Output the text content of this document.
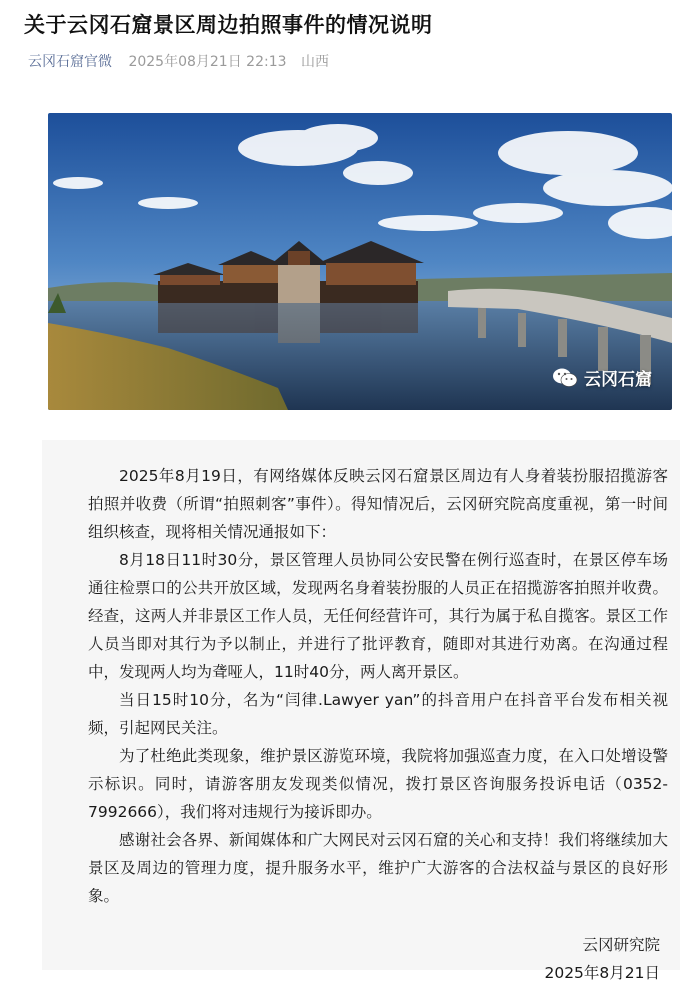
关于云冈石窟景区周边拍照事件的情况说明
云冈石窟官微 2025年08月21日 22:13 山西
云冈石窟

2025年8月19日，有网络媒体反映云冈石窟景区周边有人身着装扮服招揽游客拍照并收费（所谓“拍照刺客”事件）。得知情况后，云冈研究院高度重视，第一时间组织核查，现将相关情况通报如下：

8月18日11时30分，景区管理人员协同公安民警在例行巡查时，在景区停车场通往检票口的公共开放区域，发现两名身着装扮服的人员正在招揽游客拍照并收费。经查，这两人并非景区工作人员，无任何经营许可，其行为属于私自揽客。景区工作人员当即对其行为予以制止，并进行了批评教育，随即对其进行劝离。在沟通过程中，发现两人均为聋哑人，11时40分，两人离开景区。

当日15时10分，名为“闫律.Lawyer yan”的抖音用户在抖音平台发布相关视频，引起网民关注。

为了杜绝此类现象，维护景区游览环境，我院将加强巡查力度，在入口处增设警示标识。同时，请游客朋友发现类似情况，拨打景区咨询服务投诉电话（0352-7992666），我们将对违规行为接诉即办。

感谢社会各界、新闻媒体和广大网民对云冈石窟的关心和支持！我们将继续加大景区及周边的管理力度，提升服务水平，维护广大游客的合法权益与景区的良好形象。

云冈研究院
2025年8月21日
